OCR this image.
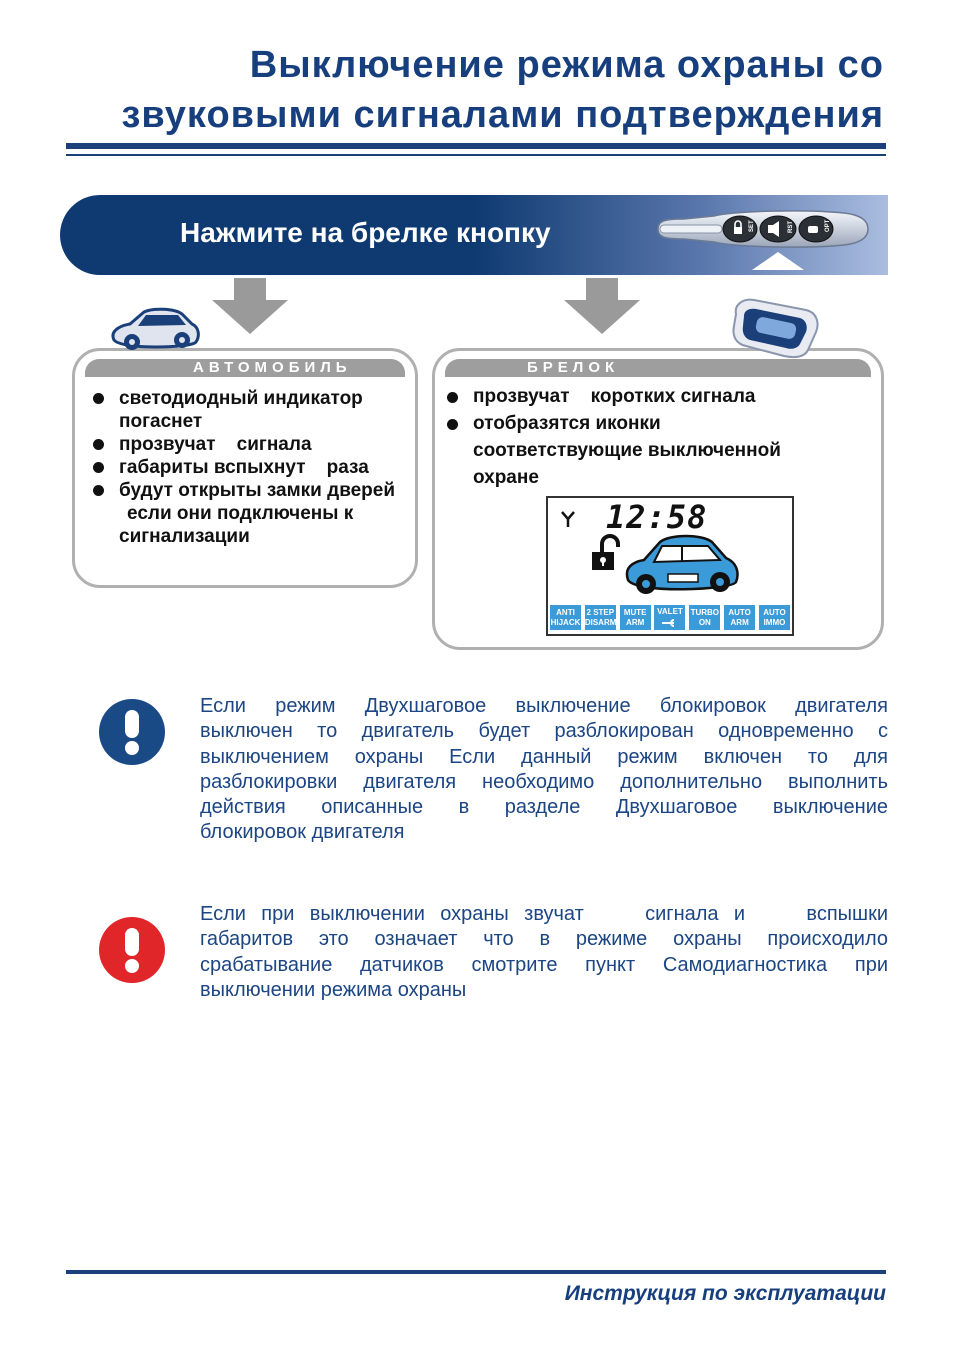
Выключение режима охраны со
звуковыми сигналами подтверждения
Нажмите на брелке кнопку	SET	RST	OPT
АВТОМОБИЛЬ
светодиодный индикатор
погаснет
прозвучат    сигнала
габариты вспыхнут    раза
будут открыты замки дверей
если они подключены к
сигнализации
БРЕЛОК
прозвучат    коротких сигнала
отобразятся иконки
соответствующие выключенной
охране
12:58
ANTI
HIJACK
2 STEP
DISARM
MUTE
ARM
VALET TURBO
ON
AUTO
ARM
AUTO
IMMO
Если режим Двухшаговое выключение блокировок двигателя
выключен то двигатель будет разблокирован одновременно с
выключением охраны Если данный режим включен то для
разблокировки двигателя необходимо дополнительно выполнить
действия описанные в разделе Двухшаговое выключение
блокировок двигателя
Если при выключении охраны звучат    сигнала и    вспышки
габаритов это означает что в режиме охраны происходило
срабатывание датчиков смотрите пункт Самодиагностика при
выключении режима охраны
Инструкция по эксплуатации
